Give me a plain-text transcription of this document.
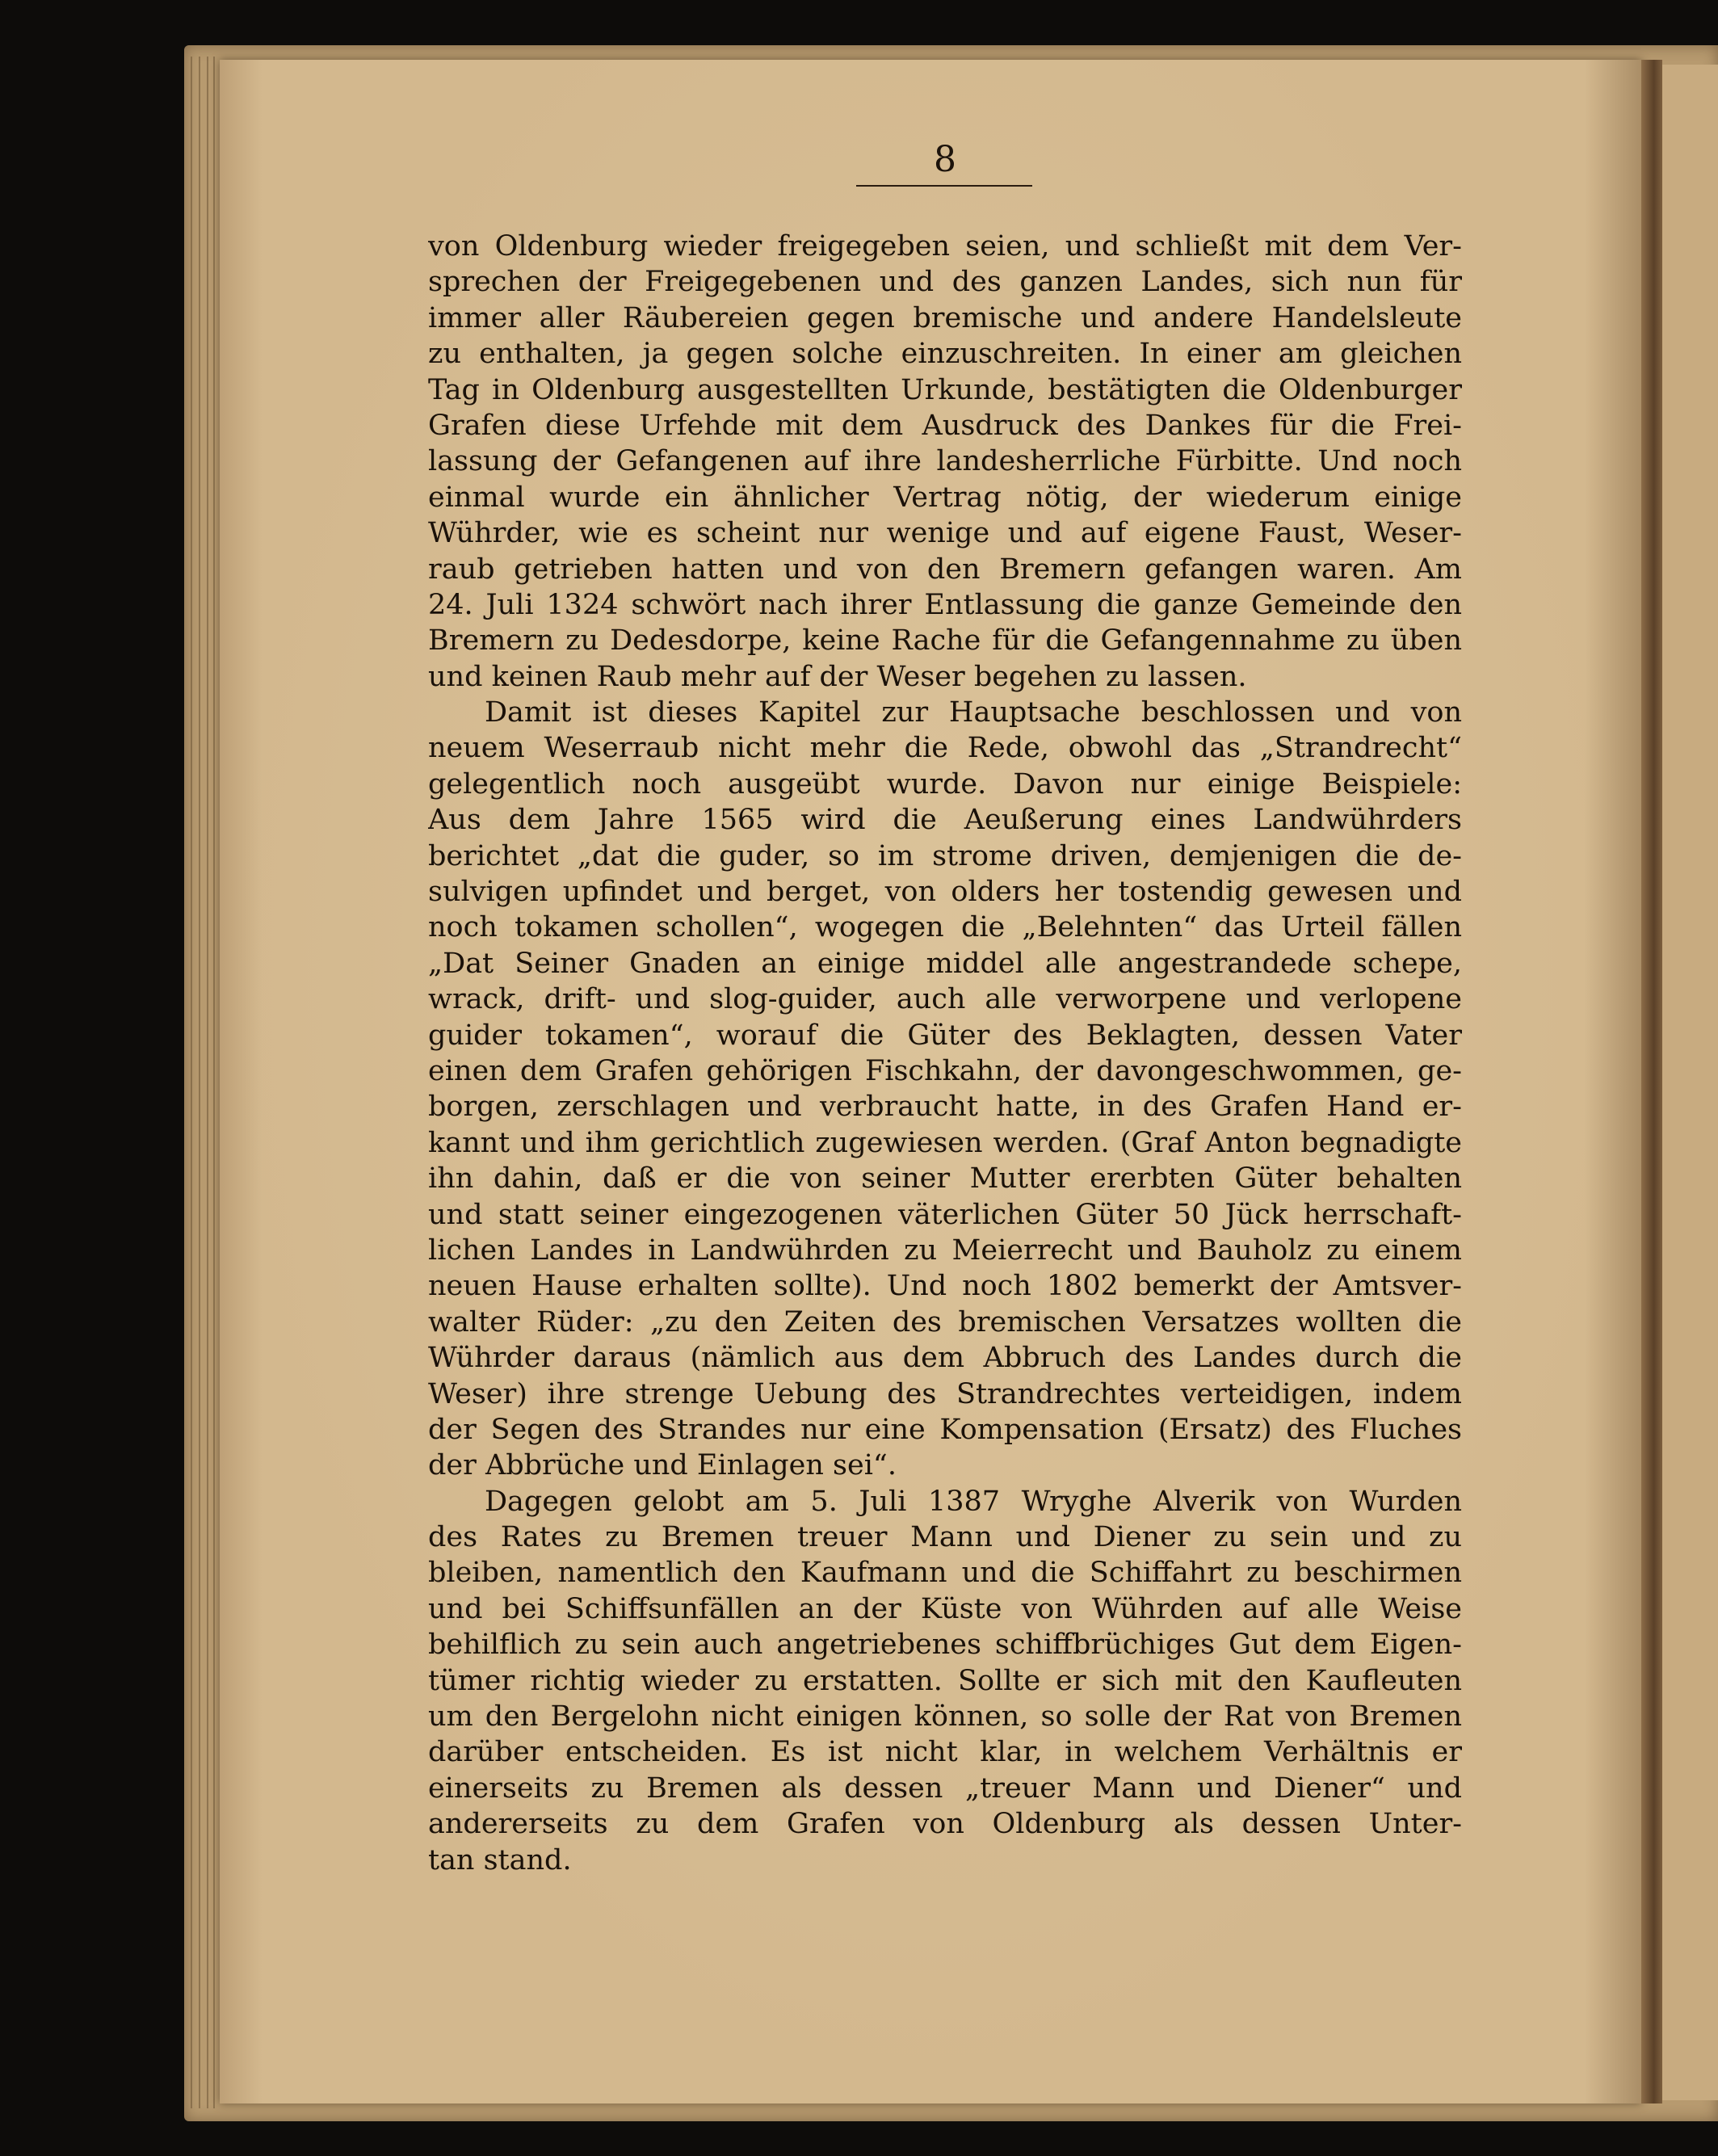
8
von Oldenburg wieder freigegeben seien, und schließt mit dem Ver-
sprechen der Freigegebenen und des ganzen Landes, sich nun für
immer aller Räubereien gegen bremische und andere Handelsleute
zu enthalten, ja gegen solche einzuschreiten. In einer am gleichen
Tag in Oldenburg ausgestellten Urkunde, bestätigten die Oldenburger
Grafen diese Urfehde mit dem Ausdruck des Dankes für die Frei-
lassung der Gefangenen auf ihre landesherrliche Fürbitte. Und noch
einmal wurde ein ähnlicher Vertrag nötig, der wiederum einige
Wührder, wie es scheint nur wenige und auf eigene Faust, Weser-
raub getrieben hatten und von den Bremern gefangen waren. Am
24. Juli 1324 schwört nach ihrer Entlassung die ganze Gemeinde den
Bremern zu Dedesdorpe, keine Rache für die Gefangennahme zu üben
und keinen Raub mehr auf der Weser begehen zu lassen.
Damit ist dieses Kapitel zur Hauptsache beschlossen und von
neuem Weserraub nicht mehr die Rede, obwohl das „Strandrecht“
gelegentlich noch ausgeübt wurde. Davon nur einige Beispiele:
Aus dem Jahre 1565 wird die Aeußerung eines Landwührders
berichtet „dat die guder, so im strome driven, demjenigen die de-
sulvigen upfindet und berget, von olders her tostendig gewesen und
noch tokamen schollen“, wogegen die „Belehnten“ das Urteil fällen
„Dat Seiner Gnaden an einige middel alle angestrandede schepe,
wrack, drift- und slog-guider, auch alle verworpene und verlopene
guider tokamen“, worauf die Güter des Beklagten, dessen Vater
einen dem Grafen gehörigen Fischkahn, der davongeschwommen, ge-
borgen, zerschlagen und verbraucht hatte, in des Grafen Hand er-
kannt und ihm gerichtlich zugewiesen werden. (Graf Anton begnadigte
ihn dahin, daß er die von seiner Mutter ererbten Güter behalten
und statt seiner eingezogenen väterlichen Güter 50 Jück herrschaft-
lichen Landes in Landwührden zu Meierrecht und Bauholz zu einem
neuen Hause erhalten sollte). Und noch 1802 bemerkt der Amtsver-
walter Rüder: „zu den Zeiten des bremischen Versatzes wollten die
Wührder daraus (nämlich aus dem Abbruch des Landes durch die
Weser) ihre strenge Uebung des Strandrechtes verteidigen, indem
der Segen des Strandes nur eine Kompensation (Ersatz) des Fluches
der Abbrüche und Einlagen sei“.
Dagegen gelobt am 5. Juli 1387 Wryghe Alverik von Wurden
des Rates zu Bremen treuer Mann und Diener zu sein und zu
bleiben, namentlich den Kaufmann und die Schiffahrt zu beschirmen
und bei Schiffsunfällen an der Küste von Wührden auf alle Weise
behilflich zu sein auch angetriebenes schiffbrüchiges Gut dem Eigen-
tümer richtig wieder zu erstatten. Sollte er sich mit den Kaufleuten
um den Bergelohn nicht einigen können, so solle der Rat von Bremen
darüber entscheiden. Es ist nicht klar, in welchem Verhältnis er
einerseits zu Bremen als dessen „treuer Mann und Diener“ und
andererseits zu dem Grafen von Oldenburg als dessen Unter-
tan stand.
